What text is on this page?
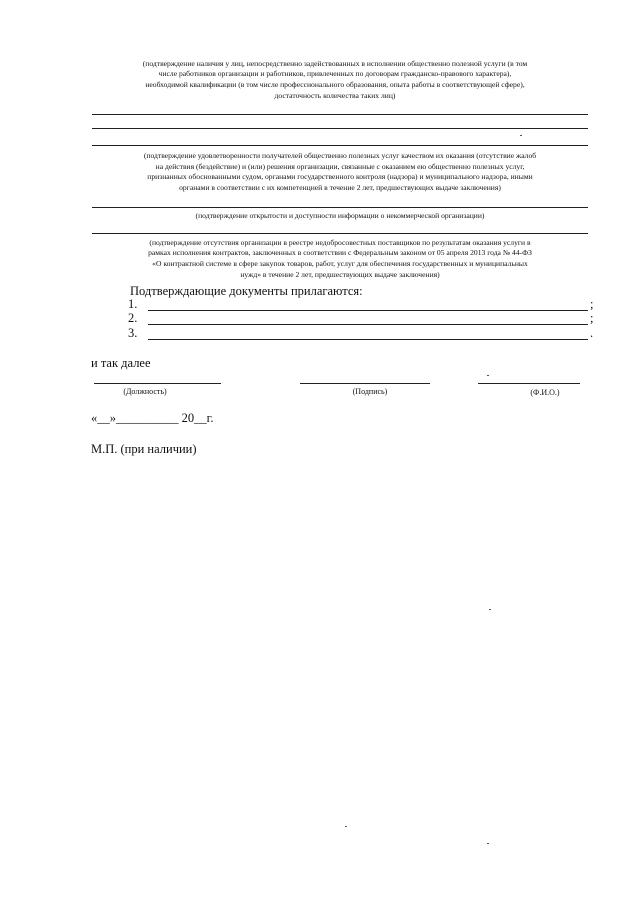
(подтверждение наличия у лиц, непосредственно задействованных в исполнении общественно полезной услуги (в том
числе работников организации и работников, привлеченных по договорам гражданско-правового характера),
необходимой квалификации (в том числе профессионального образования, опыта работы в соответствующей сфере),
достаточность количества таких лиц)
(подтверждение удовлетворенности получателей общественно полезных услуг качеством их оказания (отсутствие жалоб
на действия (бездействие) и (или) решения организации, связанные с оказанием ею общественно полезных услуг,
признанных обоснованными судом, органами государственного контроля (надзора) и муниципального надзора, иными
органами в соответствии с их компетенцией в течение 2 лет, предшествующих выдаче заключения)
(подтверждение открытости и доступности информации о некоммерческой организации)
(подтверждение отсутствия организации в реестре недобросовестных поставщиков по результатам оказания услуги в
рамках исполнения контрактов, заключенных в соответствии с Федеральным законом от 05 апреля 2013 года № 44-ФЗ
«О контрактной системе в сфере закупок товаров, работ, услуг для обеспечения государственных и муниципальных
нужд» в течение 2 лет, предшествующих выдаче заключения)
Подтверждающие документы прилагаются:
1.	;
2.	;
3.	.
и так далее
(Должность)	(Подпись)	(Ф.И.О.)
«__»__________ 20__г.
М.П. (при наличии)
